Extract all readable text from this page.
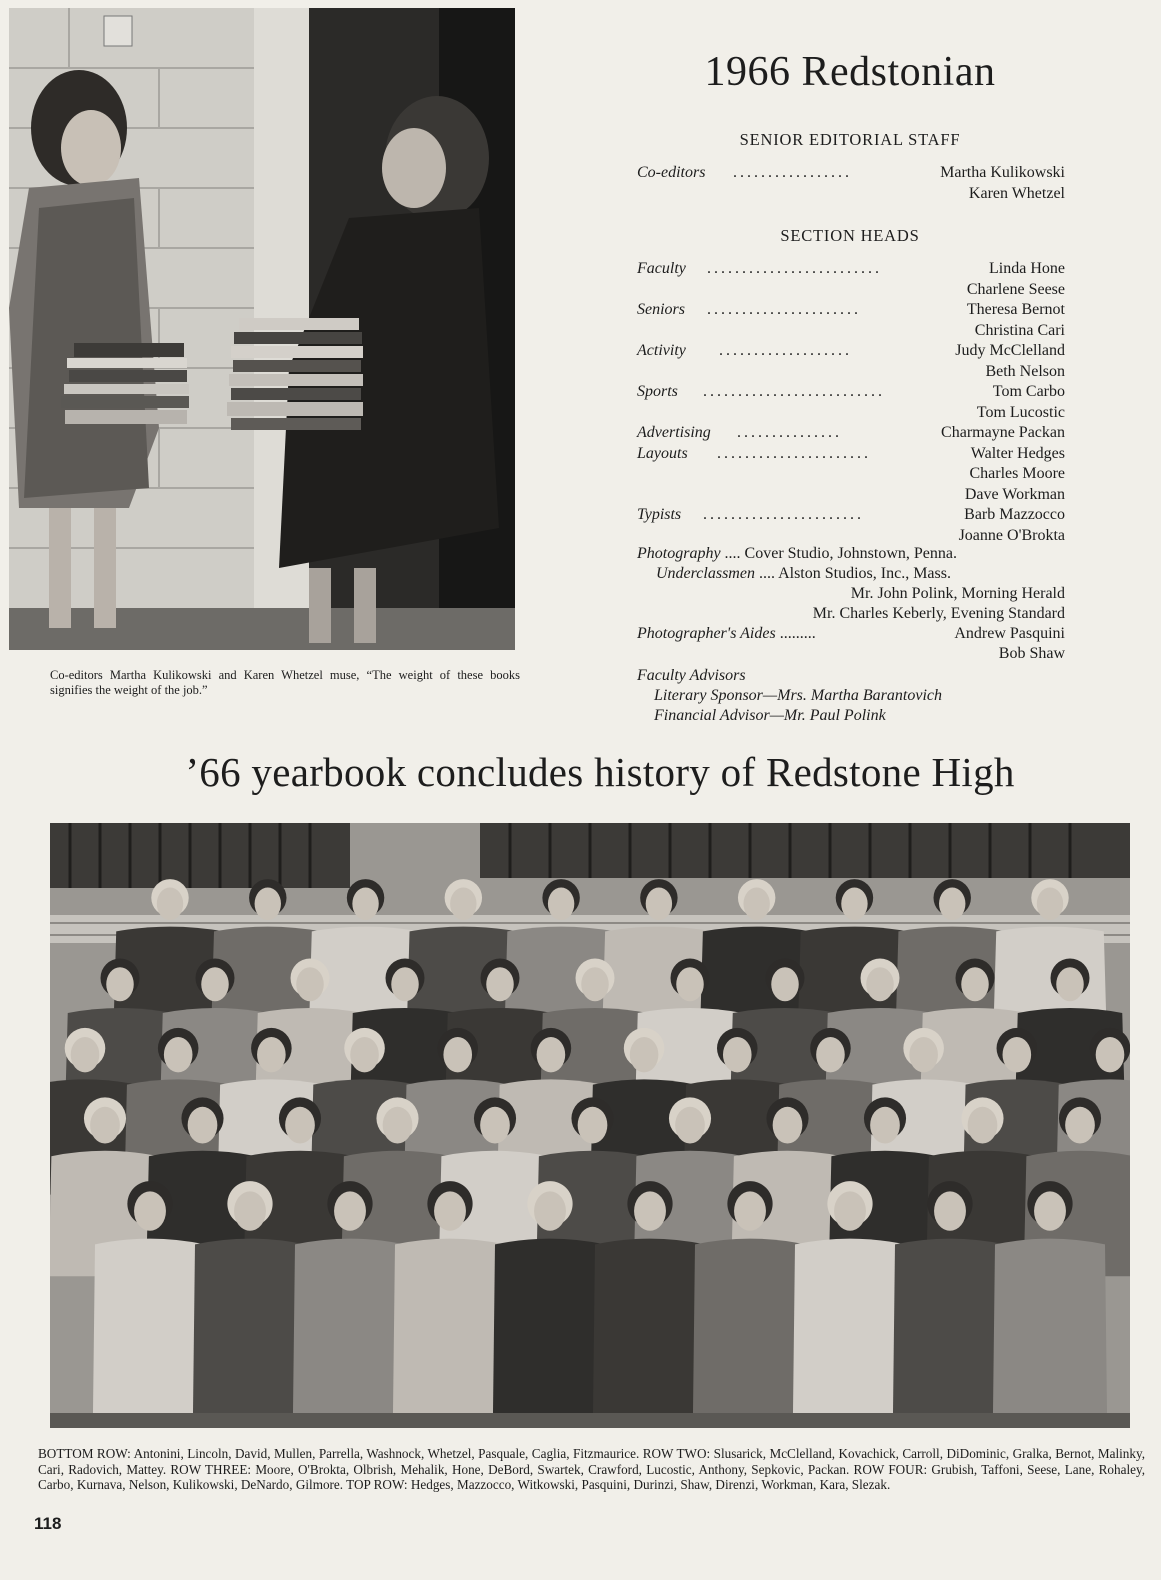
Co-editors Martha Kulikowski and Karen Whetzel muse, “The weight of these books signifies the weight of the job.”
1966 Redstonian
SENIOR EDITORIAL STAFF
Co-editors .................	Martha Kulikowski
Karen Whetzel
SECTION HEADS
Faculty .........................	Linda Hone
Charlene Seese
Seniors ......................	Theresa Bernot
Christina Cari
Activity ...................	Judy McClelland
Beth Nelson
Sports ..........................	Tom Carbo
Tom Lucostic
Advertising ...............	Charmayne Packan
Layouts ......................	Walter Hedges
Charles Moore
Dave Workman
Typists .......................	Barb Mazzocco
Joanne O'Brokta
Photography .... Cover Studio, Johnstown, Penna.
Underclassmen .... Alston Studios, Inc., Mass.
Mr. John Polink, Morning Herald
Mr. Charles Keberly, Evening Standard
Photographer's Aides .........	Andrew Pasquini
Bob Shaw
Faculty Advisors
Literary Sponsor—Mrs. Martha Barantovich
Financial Advisor—Mr. Paul Polink
’66 yearbook concludes history of Redstone High
BOTTOM ROW: Antonini, Lincoln, David, Mullen, Parrella, Washnock, Whetzel, Pasquale, Caglia, Fitzmaurice. ROW TWO: Slusarick, McClelland, Kovachick, Carroll, DiDominic, Gralka, Bernot, Malinky, Cari, Radovich, Mattey. ROW THREE: Moore, O'Brokta, Olbrish, Mehalik, Hone, DeBord, Swartek, Crawford, Lucostic, Anthony, Sepkovic, Packan. ROW FOUR: Grubish, Taffoni, Seese, Lane, Rohaley, Carbo, Kurnava, Nelson, Kulikowski, DeNardo, Gilmore. TOP ROW: Hedges, Mazzocco, Witkowski, Pasquini, Durinzi, Shaw, Direnzi, Workman, Kara, Slezak.
118
